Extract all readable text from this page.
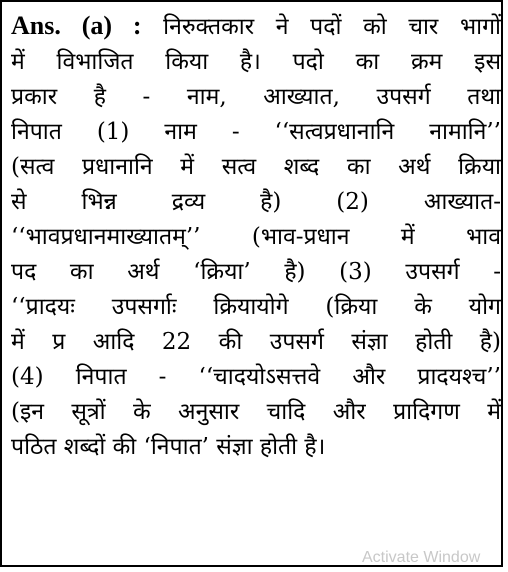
Ans. (a) : निरुक्तकार ने पदों को चार भागों
में विभाजित किया है। पदो का क्रम इस
प्रकार है - नाम, आख्यात, उपसर्ग तथा
निपात (1) नाम - ‘‘सत्वप्रधानानि नामानि’’
(सत्व प्रधानानि में सत्व शब्द का अर्थ क्रिया
से भिन्न द्रव्य है) (2) आख्यात-
‘‘भावप्रधानमाख्यातम्’’ (भाव-प्रधान में भाव
पद का अर्थ ‘क्रिया’ है) (3) उपसर्ग -
‘‘प्रादयः उपसर्गाः क्रियायोगे (क्रिया के योग
में प्र आदि 22 की उपसर्ग संज्ञा होती है)
(4) निपात - ‘‘चादयोऽसत्तवे और प्रादयश्च’’
(इन सूत्रों के अनुसार चादि और प्रादिगण में
पठित शब्दों की ‘निपात’ संज्ञा होती है।

Activate Window
